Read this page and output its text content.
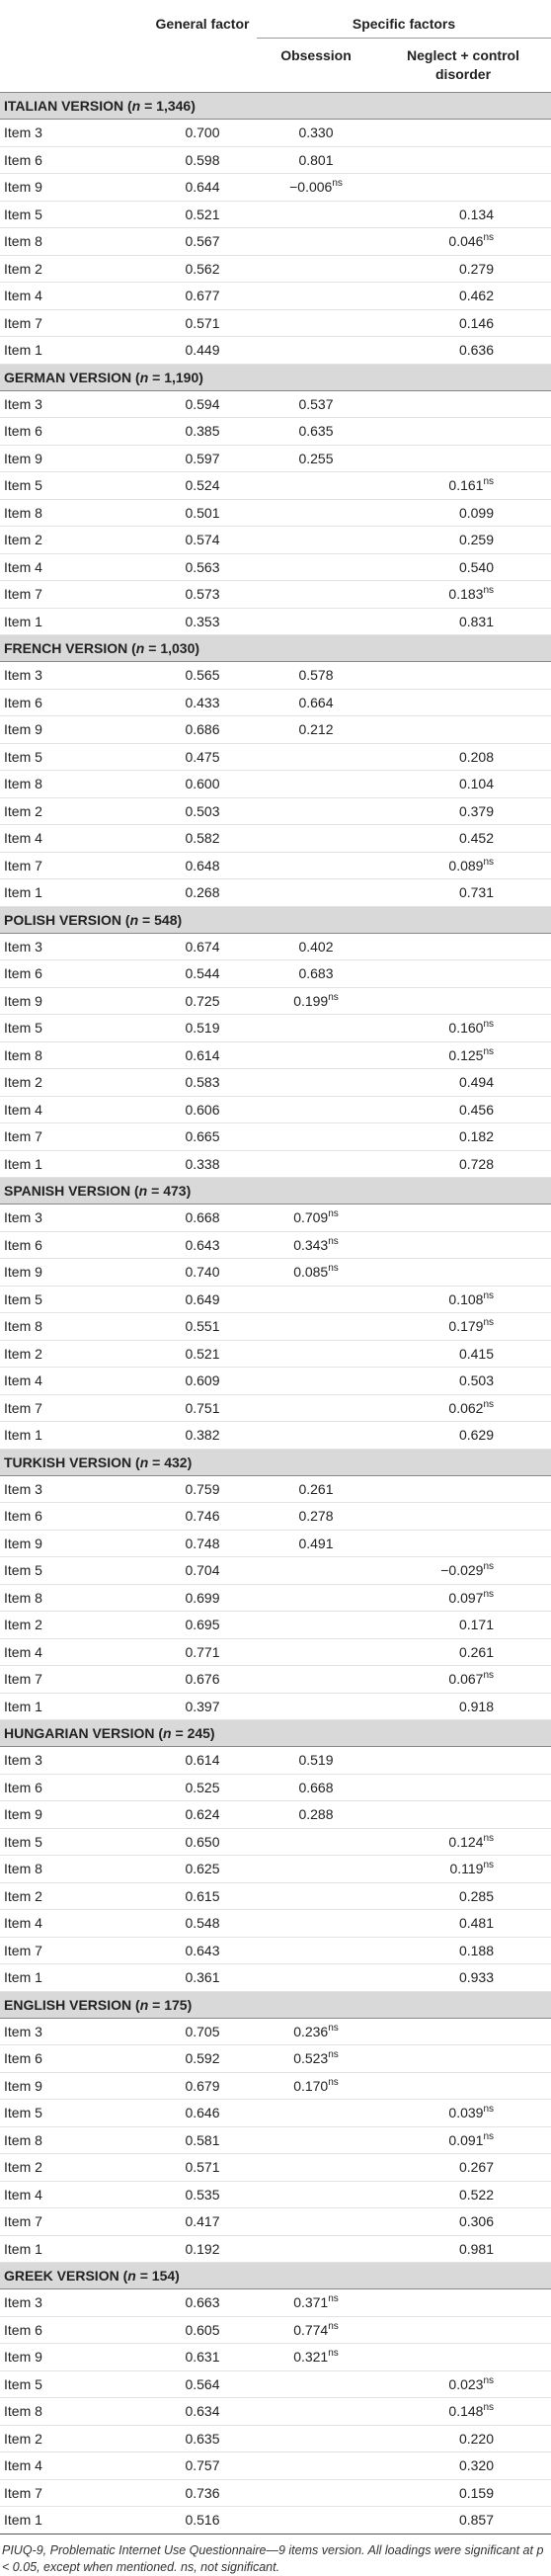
	General factor	Specific factors	
		Obsession	Neglect + control disorder
ITALIAN VERSION (n = 1,346)			
Item 3	0.700	0.330	
Item 6	0.598	0.801	
Item 9	0.644	$-0.006^{ns}$	
Item 5	0.521		0.134
Item 8	0.567		$0.046^{ns}$
Item 2	0.562		0.279
Item 4	0.677		0.462
Item 7	0.571		0.146
Item 1	0.449		0.636
GERMAN VERSION (n = 1,190)			
Item 3	0.594	0.537	
Item 6	0.385	0.635	
Item 9	0.597	0.255	
Item 5	0.524		$0.161^{ns}$
Item 8	0.501		0.099
Item 2	0.574		0.259
Item 4	0.563		0.540
Item 7	0.573		$0.183^{ns}$
Item 1	0.353		0.831
FRENCH VERSION (n = 1,030)			
Item 3	0.565	0.578	
Item 6	0.433	0.664	
Item 9	0.686	0.212	
Item 5	0.475		0.208
Item 8	0.600		0.104
Item 2	0.503		0.379
Item 4	0.582		0.452
Item 7	0.648		$0.089^{ns}$
Item 1	0.268		0.731
POLISH VERSION (n = 548)			
Item 3	0.674	0.402	
Item 6	0.544	0.683	
Item 9	0.725	$0.199^{ns}$	
Item 5	0.519		$0.160^{ns}$
Item 8	0.614		$0.125^{ns}$
Item 2	0.583		0.494
Item 4	0.606		0.456
Item 7	0.665		0.182
Item 1	0.338		0.728
SPANISH VERSION (n = 473)			
Item 3	0.668	$0.709^{ns}$	
Item 6	0.643	$0.343^{ns}$	
Item 9	0.740	$0.085^{ns}$	
Item 5	0.649		$0.108^{ns}$
Item 8	0.551		$0.179^{ns}$
Item 2	0.521		0.415
Item 4	0.609		0.503
Item 7	0.751		$0.062^{ns}$
Item 1	0.382		0.629
TURKISH VERSION (n = 432)			
Item 3	0.759	0.261	
Item 6	0.746	0.278	
Item 9	0.748	0.491	
Item 5	0.704		$-0.029^{ns}$
Item 8	0.699		$0.097^{ns}$
Item 2	0.695		0.171
Item 4	0.771		0.261
Item 7	0.676		$0.067^{ns}$
Item 1	0.397		0.918
HUNGARIAN VERSION (n = 245)			
Item 3	0.614	0.519	
Item 6	0.525	0.668	
Item 9	0.624	0.288	
Item 5	0.650		$0.124^{ns}$
Item 8	0.625		$0.119^{ns}$
Item 2	0.615		0.285
Item 4	0.548		0.481
Item 7	0.643		0.188
Item 1	0.361		0.933
ENGLISH VERSION (n = 175)			
Item 3	0.705	$0.236^{ns}$	
Item 6	0.592	$0.523^{ns}$	
Item 9	0.679	$0.170^{ns}$	
Item 5	0.646		$0.039^{ns}$
Item 8	0.581		$0.091^{ns}$
Item 2	0.571		0.267
Item 4	0.535		0.522
Item 7	0.417		0.306
Item 1	0.192		0.981
GREEK VERSION (n = 154)			
Item 3	0.663	$0.371^{ns}$	
Item 6	0.605	$0.774^{ns}$	
Item 9	0.631	$0.321^{ns}$	
Item 5	0.564		$0.023^{ns}$
Item 8	0.634		$0.148^{ns}$
Item 2	0.635		0.220
Item 4	0.757		0.320
Item 7	0.736		0.159
Item 1	0.516		0.857
PIUQ-9, Problematic Internet Use Questionnaire—9 items version. All loadings were significant at p < 0.05, except when mentioned. ns, not significant.
